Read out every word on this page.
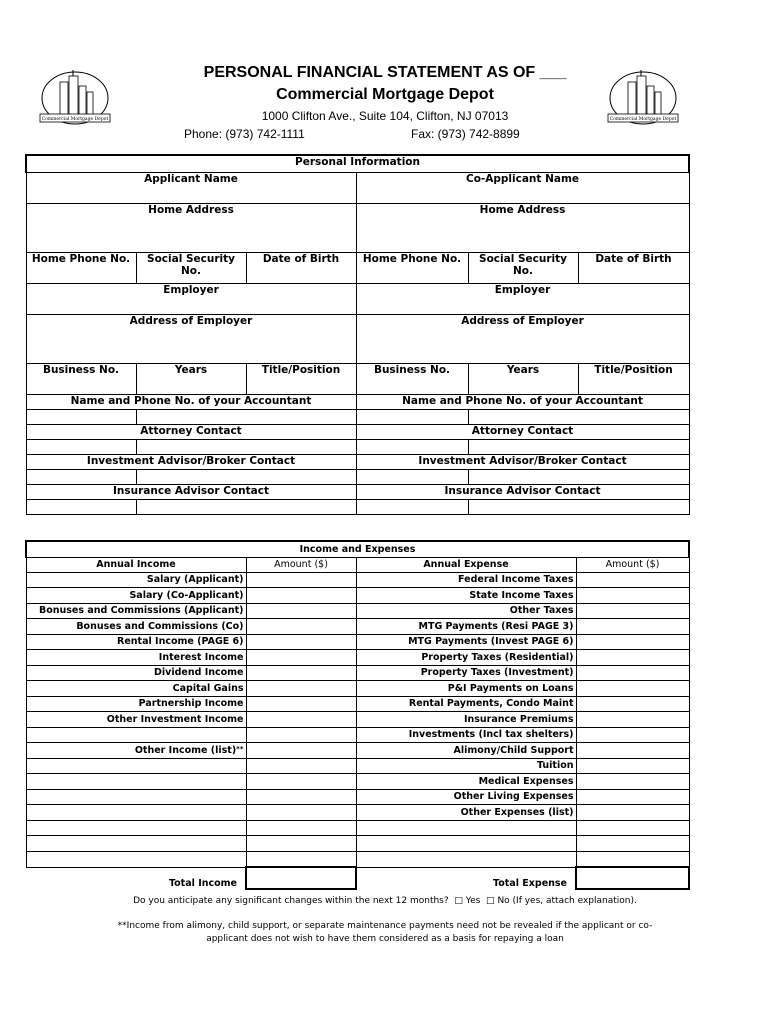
Commercial Mortgage Depot	Commercial Mortgage Depot
PERSONAL FINANCIAL STATEMENT AS OF ___
Commercial Mortgage Depot
1000 Clifton Ave., Suite 104, Clifton, NJ 07013
Phone: (973) 742-1111	Fax: (973) 742-8899
Personal Information					
Applicant Name			Co-Applicant Name		
Home Address			Home Address		
Home Phone No.	Social Security No.	Date of Birth	Home Phone No.	Social Security No.	Date of Birth
Employer			Employer		
Address of Employer			Address of Employer		
Business No.	Years	Title/Position	Business No.	Years	Title/Position
Name and Phone No. of your Accountant			Name and Phone No. of your Accountant		

Attorney Contact			Attorney Contact		

Investment Advisor/Broker Contact			Investment Advisor/Broker Contact		

Insurance Advisor Contact			Insurance Advisor Contact		

Income and Expenses			
Annual Income	Amount ($)	Annual Expense	Amount ($)
Salary (Applicant)		Federal Income Taxes	
Salary (Co-Applicant)		State Income Taxes	
Bonuses and Commissions (Applicant)		Other Taxes	
Bonuses and Commissions (Co)		MTG Payments (Resi PAGE 3)	
Rental Income (PAGE 6)		MTG Payments (Invest PAGE 6)	
Interest Income		Property Taxes (Residential)	
Dividend Income		Property Taxes (Investment)	
Capital Gains		P&I Payments on Loans	
Partnership Income		Rental Payments, Condo Maint	
Other Investment Income		Insurance Premiums	
		Investments (Incl tax shelters)	
Other Income (list)**		Alimony/Child Support	
		Tuition	
		Medical Expenses	
		Other Living Expenses	
		Other Expenses (list)	

Total Income		Total Expense	
Do you anticipate any significant changes within the next 12 months? □ Yes □ No (If yes, attach explanation).
**Income from alimony, child support, or separate maintenance payments need not be revealed if the applicant or co-
applicant does not wish to have them considered as a basis for repaying a loan
